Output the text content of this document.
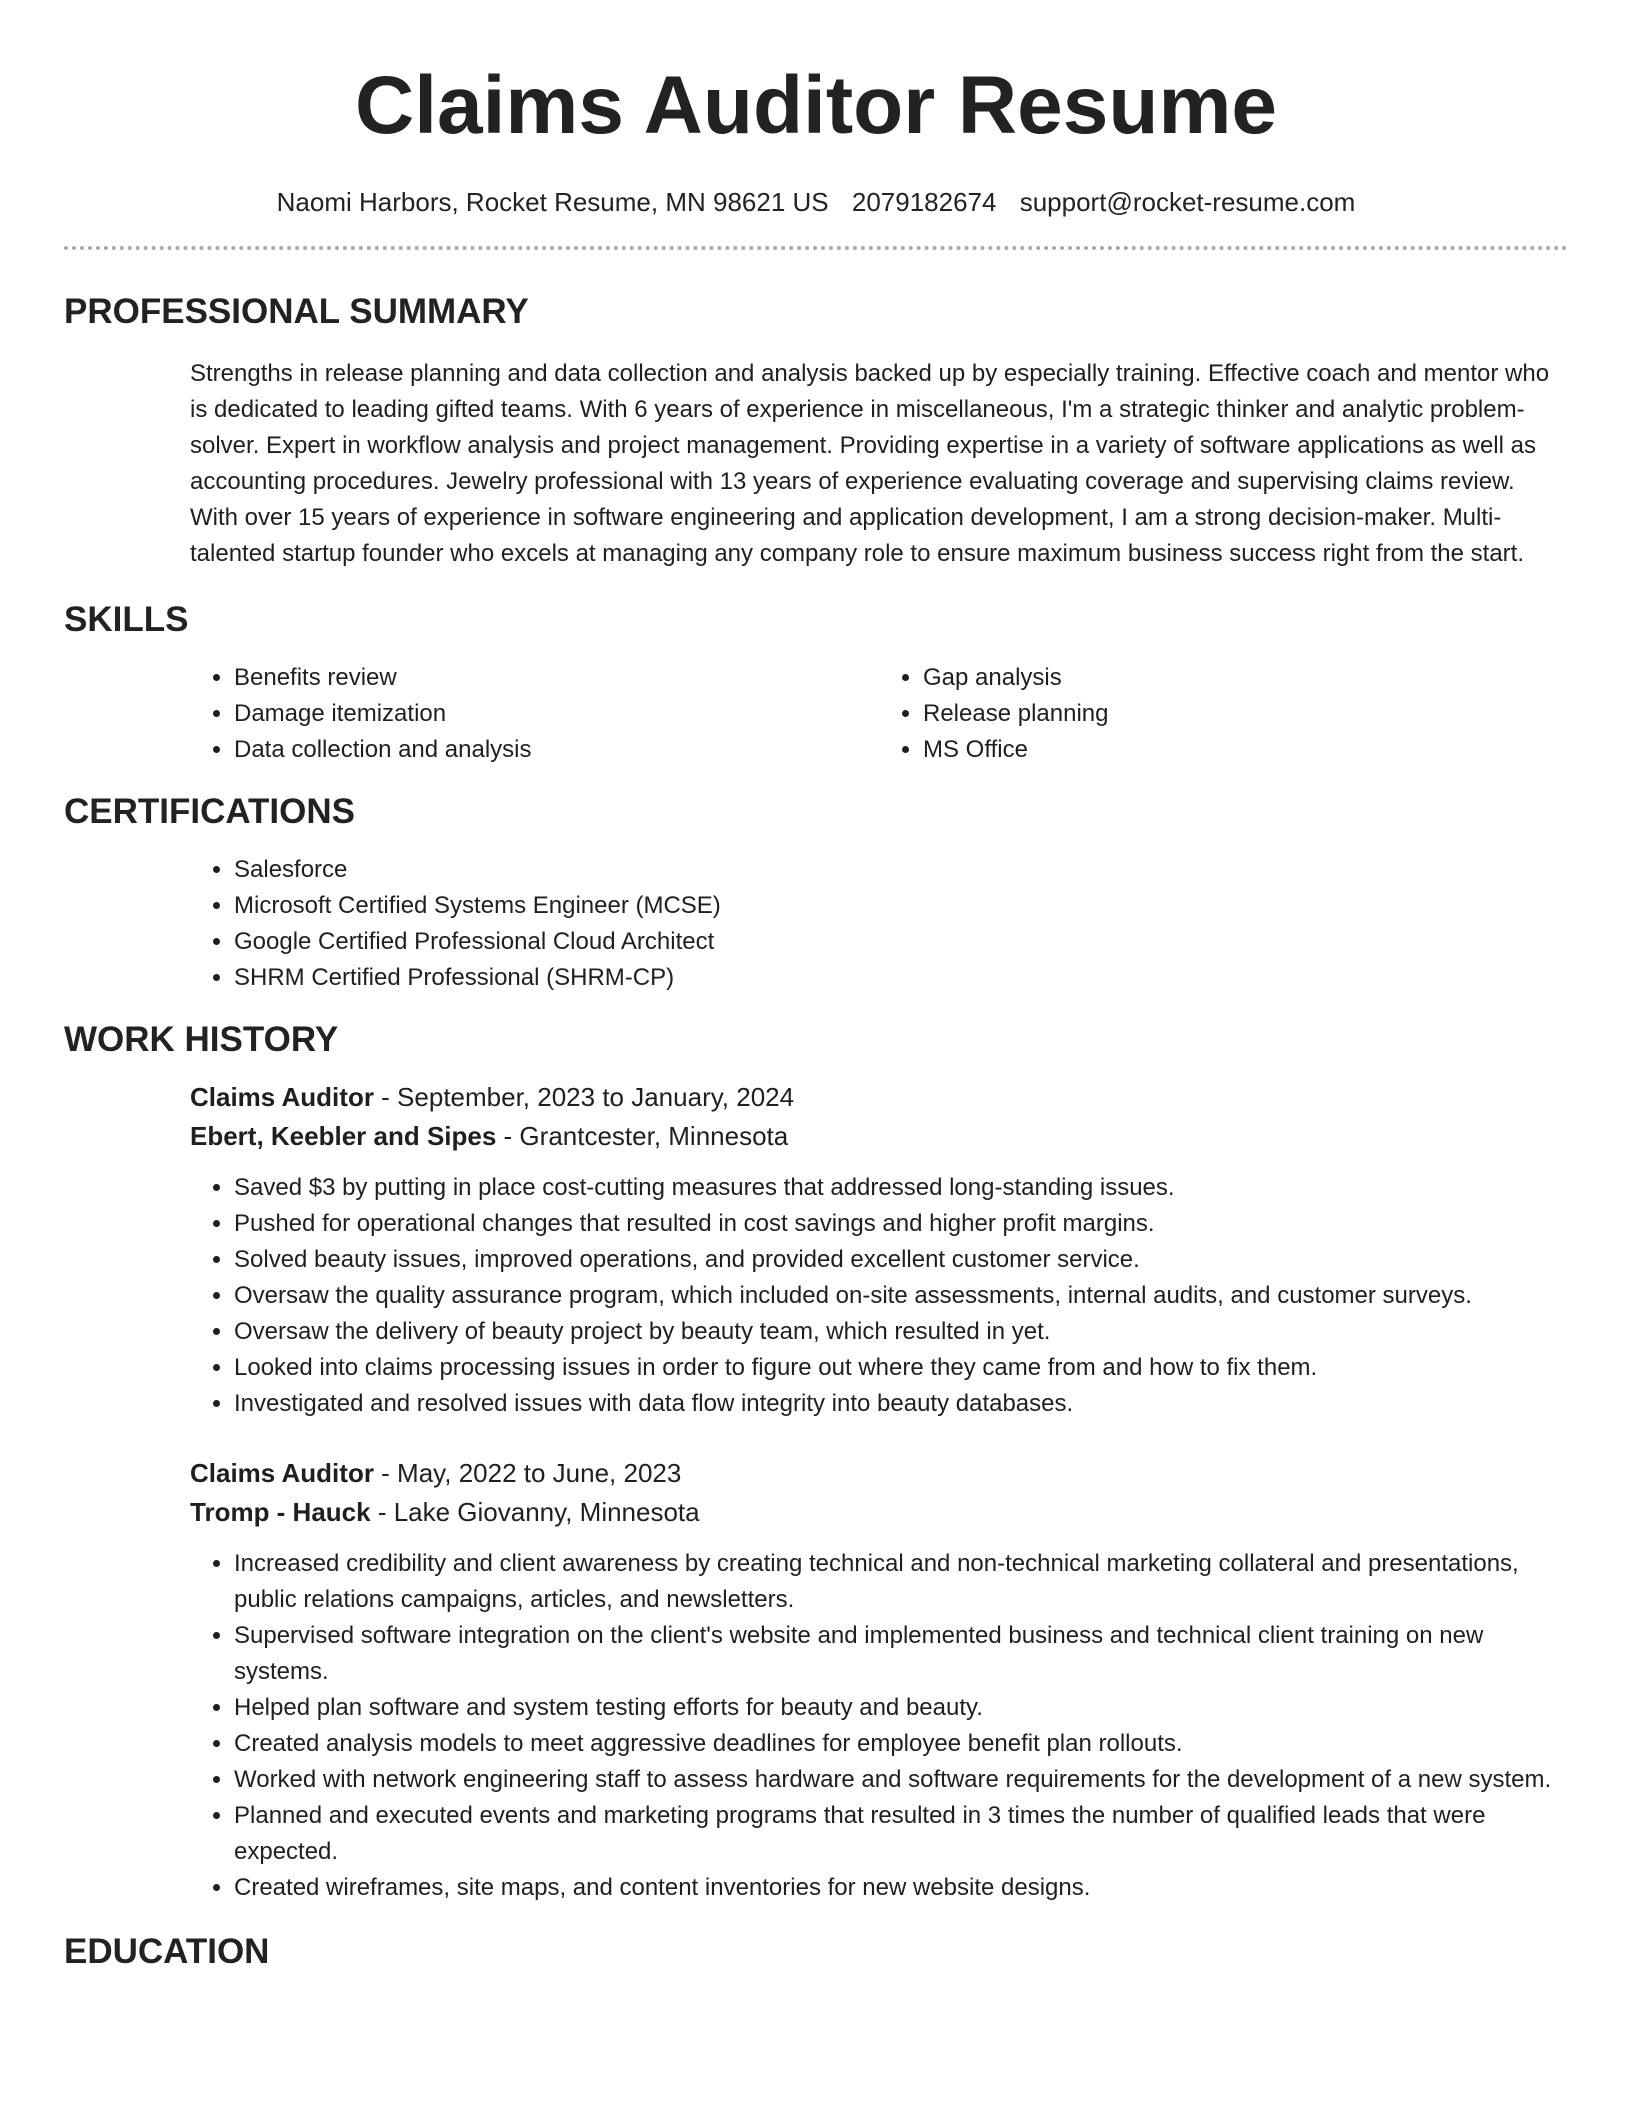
Claims Auditor Resume
Naomi Harbors, Rocket Resume, MN 98621 US 2079182674 support@rocket-resume.com
PROFESSIONAL SUMMARY

Strengths in release planning and data collection and analysis backed up by especially training. Effective coach and mentor who is dedicated to leading gifted teams. With 6 years of experience in miscellaneous, I'm a strategic thinker and analytic problem-solver. Expert in workflow analysis and project management. Providing expertise in a variety of software applications as well as accounting procedures. Jewelry professional with 13 years of experience evaluating coverage and supervising claims review. With over 15 years of experience in software engineering and application development, I am a strong decision-maker. Multi-talented startup founder who excels at managing any company role to ensure maximum business success right from the start.

SKILLS
• Benefits review
• Damage itemization
• Data collection and analysis
• Gap analysis
• Release planning
• MS Office
CERTIFICATIONS
• Salesforce
• Microsoft Certified Systems Engineer (MCSE)
• Google Certified Professional Cloud Architect
• SHRM Certified Professional (SHRM-CP)
WORK HISTORY
Claims Auditor - September, 2023 to January, 2024
Ebert, Keebler and Sipes - Grantcester, Minnesota
• Saved $3 by putting in place cost-cutting measures that addressed long-standing issues.
• Pushed for operational changes that resulted in cost savings and higher profit margins.
• Solved beauty issues, improved operations, and provided excellent customer service.
• Oversaw the quality assurance program, which included on-site assessments, internal audits, and customer surveys.
• Oversaw the delivery of beauty project by beauty team, which resulted in yet.
• Looked into claims processing issues in order to figure out where they came from and how to fix them.
• Investigated and resolved issues with data flow integrity into beauty databases.
Claims Auditor - May, 2022 to June, 2023
Tromp - Hauck - Lake Giovanny, Minnesota
• Increased credibility and client awareness by creating technical and non-technical marketing collateral and presentations, public relations campaigns, articles, and newsletters.
• Supervised software integration on the client's website and implemented business and technical client training on new systems.
• Helped plan software and system testing efforts for beauty and beauty.
• Created analysis models to meet aggressive deadlines for employee benefit plan rollouts.
• Worked with network engineering staff to assess hardware and software requirements for the development of a new system.
• Planned and executed events and marketing programs that resulted in 3 times the number of qualified leads that were expected.
• Created wireframes, site maps, and content inventories for new website designs.
EDUCATION
